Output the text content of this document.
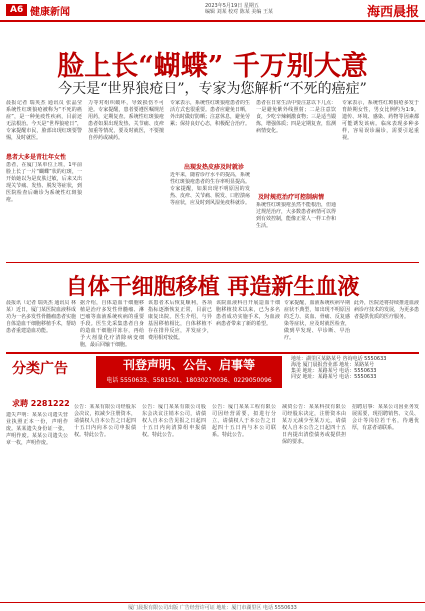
A6 健康新闻
2023年5月19日 星期五
编辑 刘某 校对 陈某 美编 王某	海西晨报
脸上长“蝴蝶” 千万别大意
今天是“世界狼疮日”，专家为您解析“不死的癌症”
晨报记者 瑞英杰 通讯员 张晶莹 系统性红斑狼疮被称为“不死的癌症”，是一种免疫性疾病，目前还无法根治。今天是“世界狼疮日”，专家提醒市民，脸部出现红斑要警惕，及时就医。
患者大多是青壮年女性
患者，在厦门某单位上班，1年前脸上长了一片“蝴蝶”状的红斑，一开始她以为是皮肤过敏，后来又出现关节痛、发热、脱发等症状，到医院检查后确诊为系统性红斑狼疮。
力等对组织破坏，导致损伤不可逆。专家提醒，患者要遵医嘱规范用药，定期复查。系统性红斑狼疮患者如果出现发热、关节痛、皮疹加重等情况，要及时就医，不要擅自停药或减药。
专家表示，系统性红斑狼疮患者的生活方式也很重要。患者应避免日晒，外出时做好防晒；注意休息，避免劳累；保持良好心态，积极配合治疗。
出现发热皮疹及时就诊
近年来，随着诊疗水平的提高，系统性红斑狼疮患者的生存率明显提高。专家提醒，如果出现不明原因的发热、皮疹、关节痛、脱发、口腔溃疡等症状，应及时到风湿免疫科就诊。
患者在日常生活中要注意以下几点：一是避免紫外线照射；二是注意饮食，少吃辛辣刺激食物；三是适当锻炼，增强体质；四是定期复查，监测病情变化。
及时规范治疗可控制病情
系统性红斑狼疮虽然不能根治，但通过规范治疗，大多数患者病情可以得到有效控制，能像正常人一样工作和生活。
专家表示，系统性红斑狼疮多发于育龄期女性，男女比例约为1:9。遗传、环境、感染、药物等因素都可能诱发该病。临床表现多种多样，容易误诊漏诊，需要引起重视。
自体干细胞移植 再造新生血液
晨报讯（记者 瑞英杰 通讯员 林某）近日，厦门某医院血液科成功为一名多发性骨髓瘤患者实施自体造血干细胞移植手术，帮助患者重建造血功能。
据介绍，自体造血干细胞移植是治疗多发性骨髓瘤、淋巴瘤等血液系统疾病的重要手段。医生先采集患者自身的造血干细胞并冻存，再给予大剂量化疗清除病变细胞，最后回输干细胞。
该患者术后恢复顺利，各项指标逐渐恢复正常，目前已康复出院。医生介绍，与异基因移植相比，自体移植不存在排异反应，并发症少，费用相对较低。
该院血液科自开展造血干细胞移植技术以来，已为多名患者成功实施手术，为血液病患者带来了新的希望。
专家提醒，血液系统疾病早期症状不典型，如出现不明原因的乏力、贫血、骨痛、反复感染等症状，应及时就医检查，做到早发现、早诊断、早治疗。
此外，医院还将持续推进血液病诊疗技术的发展，为更多患者提供优质的医疗服务。
分类广告	刊登声明、公告、启事等
电话 5550633、5581501、18030270036、0229050096
地址：湖里区某路某号 咨询电话 5550633
海沧 厦门晨报营业部 地址：某路某号
集美 地址：某路某号 电话：5550633
同安 地址：某路某号 电话：5550633
求聘 2281222
遗失声明：某某公司遗失营业执照正本一份，声明作废。某某遗失身份证一张，声明作废。某某公司遗失公章一枚，声明作废。
公告：某某有限公司经股东会决议，拟减少注册资本，请债权人自本公告之日起四十五日内向本公司申报债权。特此公告。
公告：厦门某某有限公司股东会决议注销本公司，请债权人自本公告见报之日起四十五日内向清算组申报债权。特此公告。
公告：厦门某某工程有限公司因经营需要，拟进行分立，请债权人于本公告之日起四十五日内与本公司联系。特此公告。
减资公告：某某科技有限公司经股东决定，注册资本由某万元减少至某万元，请债权人自本公告之日起四十五日内提出清偿债务或提供担保的要求。
招聘启事：某某公司因业务发展需要，现招聘销售、文员、会计等岗位若干名，待遇优厚，有意者请联系。
厦门晨报有限公司出版 广告经营许可证 地址：厦门市湖里区 电话 5550633
